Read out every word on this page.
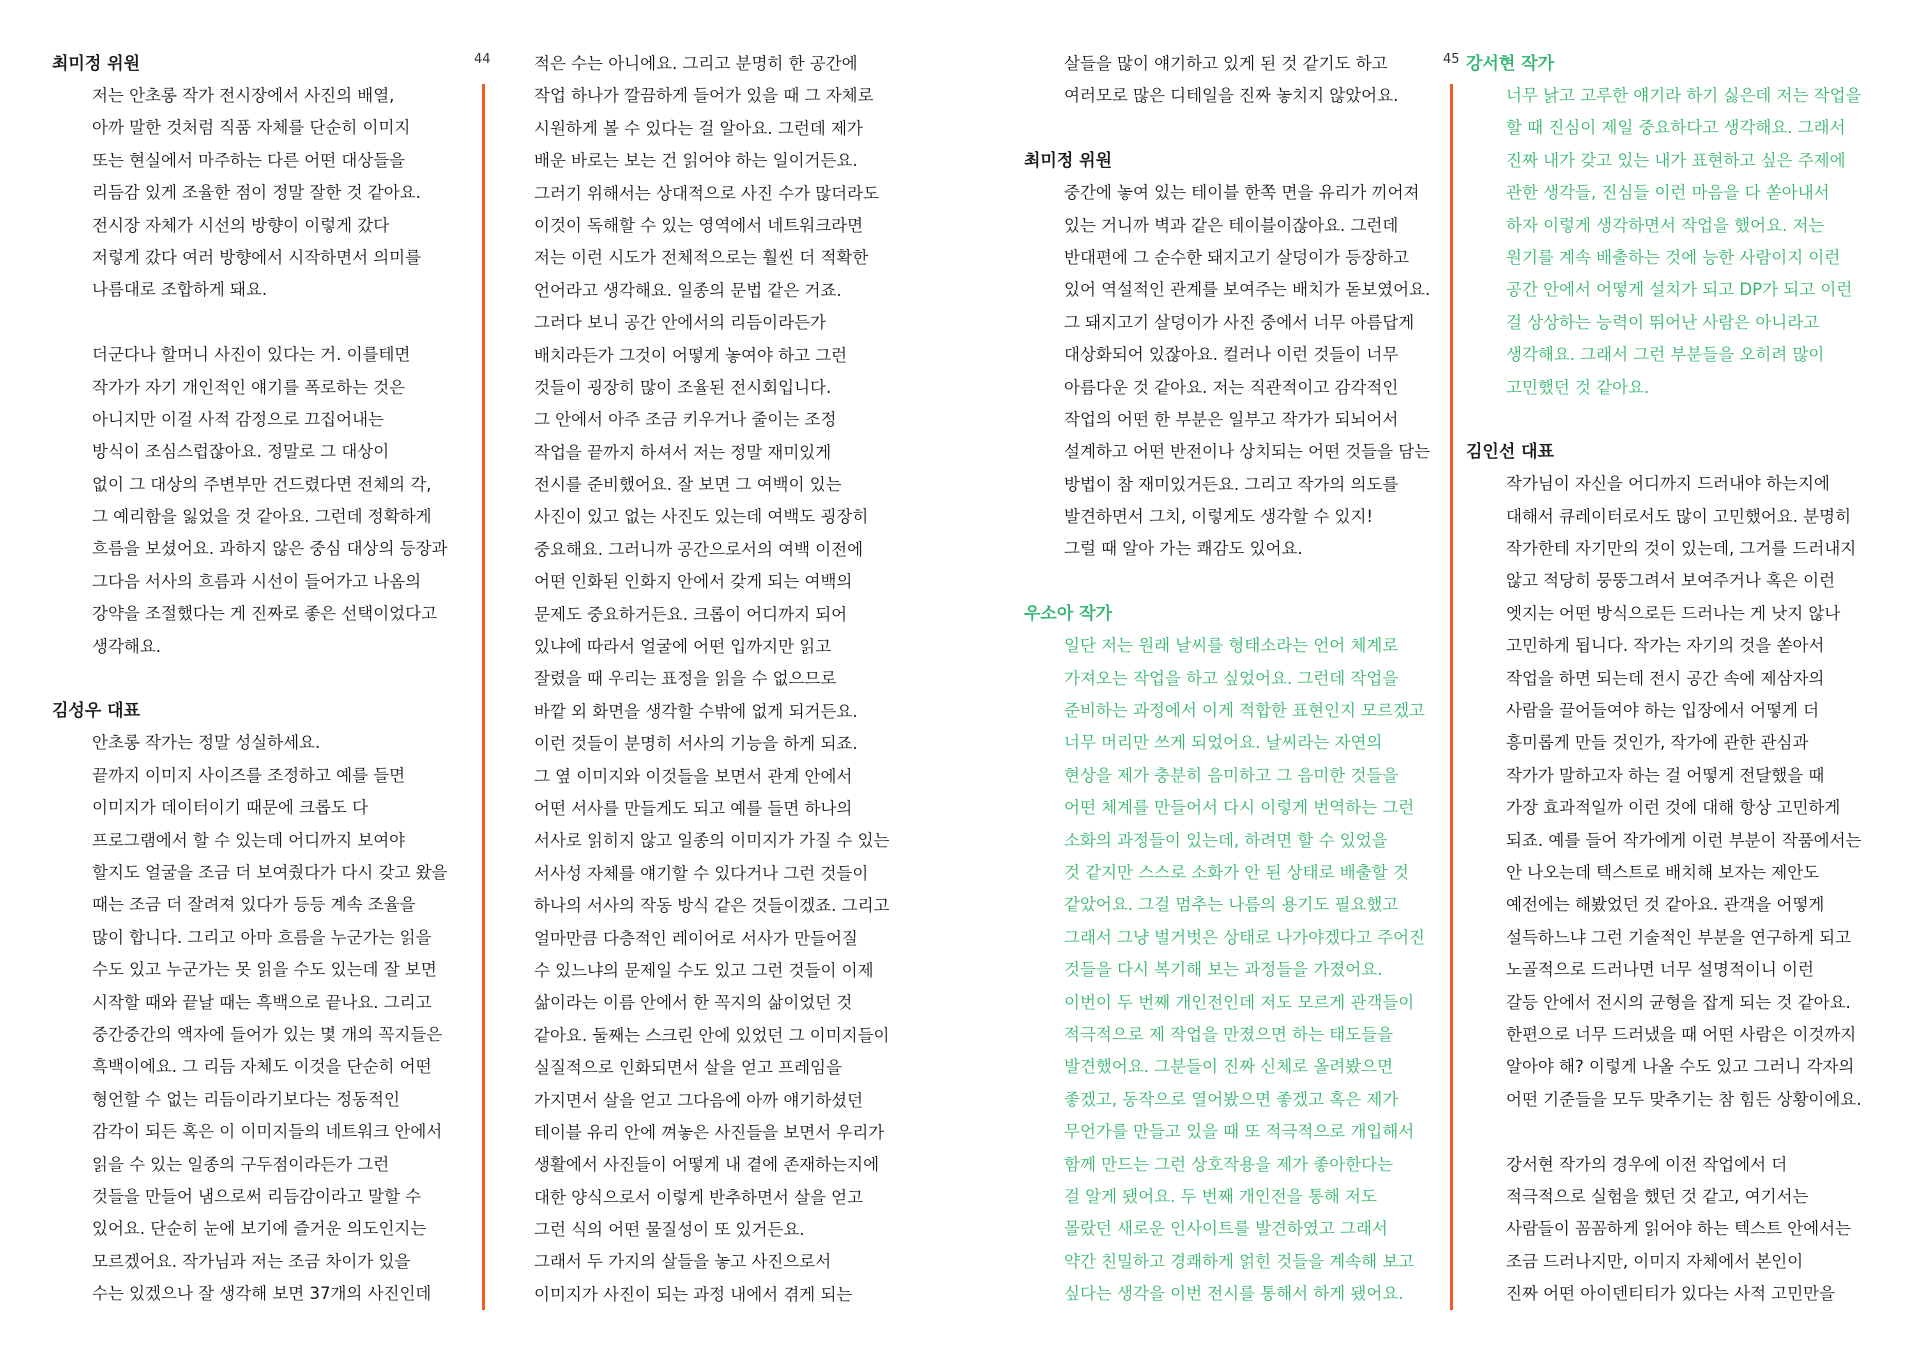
44	45
최미정 위원
저는 안초롱 작가 전시장에서 사진의 배열,
아까 말한 것처럼 직품 자체를 단순히 이미지
또는 현실에서 마주하는 다른 어떤 대상들을
리듬감 있게 조율한 점이 정말 잘한 것 같아요.
전시장 자체가 시선의 방향이 이렇게 갔다
저렇게 갔다 여러 방향에서 시작하면서 의미를
나름대로 조합하게 돼요.
더군다나 할머니 사진이 있다는 거. 이를테면
작가가 자기 개인적인 얘기를 폭로하는 것은
아니지만 이걸 사적 감정으로 끄집어내는
방식이 조심스럽잖아요. 정말로 그 대상이
없이 그 대상의 주변부만 건드렸다면 전체의 각,
그 예리함을 잃었을 것 같아요. 그런데 정확하게
흐름을 보셨어요. 과하지 않은 중심 대상의 등장과
그다음 서사의 흐름과 시선이 들어가고 나옴의
강약을 조절했다는 게 진짜로 좋은 선택이었다고
생각해요.
김성우 대표
안초롱 작가는 정말 성실하세요.
끝까지 이미지 사이즈를 조정하고 예를 들면
이미지가 데이터이기 때문에 크롭도 다
프로그램에서 할 수 있는데 어디까지 보여야
할지도 얼굴을 조금 더 보여줬다가 다시 갖고 왔을
때는 조금 더 잘려져 있다가 등등 계속 조율을
많이 합니다. 그리고 아마 흐름을 누군가는 읽을
수도 있고 누군가는 못 읽을 수도 있는데 잘 보면
시작할 때와 끝날 때는 흑백으로 끝나요. 그리고
중간중간의 액자에 들어가 있는 몇 개의 꼭지들은
흑백이에요. 그 리듬 자체도 이것을 단순히 어떤
형언할 수 없는 리듬이라기보다는 정동적인
감각이 되든 혹은 이 이미지들의 네트워크 안에서
읽을 수 있는 일종의 구두점이라든가 그런
것들을 만들어 냄으로써 리듬감이라고 말할 수
있어요. 단순히 눈에 보기에 즐거운 의도인지는
모르겠어요. 작가님과 저는 조금 차이가 있을
수는 있겠으나 잘 생각해 보면 37개의 사진인데
적은 수는 아니에요. 그리고 분명히 한 공간에
작업 하나가 깔끔하게 들어가 있을 때 그 자체로
시원하게 볼 수 있다는 걸 알아요. 그런데 제가
배운 바로는 보는 건 읽어야 하는 일이거든요.
그러기 위해서는 상대적으로 사진 수가 많더라도
이것이 독해할 수 있는 영역에서 네트워크라면
저는 이런 시도가 전체적으로는 훨씬 더 적확한
언어라고 생각해요. 일종의 문법 같은 거죠.
그러다 보니 공간 안에서의 리듬이라든가
배치라든가 그것이 어떻게 놓여야 하고 그런
것들이 굉장히 많이 조율된 전시회입니다.
그 안에서 아주 조금 키우거나 줄이는 조정
작업을 끝까지 하셔서 저는 정말 재미있게
전시를 준비했어요. 잘 보면 그 여백이 있는
사진이 있고 없는 사진도 있는데 여백도 굉장히
중요해요. 그러니까 공간으로서의 여백 이전에
어떤 인화된 인화지 안에서 갖게 되는 여백의
문제도 중요하거든요. 크롭이 어디까지 되어
있냐에 따라서 얼굴에 어떤 입까지만 읽고
잘렸을 때 우리는 표정을 읽을 수 없으므로
바깥 외 화면을 생각할 수밖에 없게 되거든요.
이런 것들이 분명히 서사의 기능을 하게 되죠.
그 옆 이미지와 이것들을 보면서 관계 안에서
어떤 서사를 만들게도 되고 예를 들면 하나의
서사로 읽히지 않고 일종의 이미지가 가질 수 있는
서사성 자체를 얘기할 수 있다거나 그런 것들이
하나의 서사의 작동 방식 같은 것들이겠죠. 그리고
얼마만큼 다층적인 레이어로 서사가 만들어질
수 있느냐의 문제일 수도 있고 그런 것들이 이제
삶이라는 이름 안에서 한 꼭지의 삶이었던 것
같아요. 둘째는 스크린 안에 있었던 그 이미지들이
실질적으로 인화되면서 살을 얻고 프레임을
가지면서 살을 얻고 그다음에 아까 얘기하셨던
테이블 유리 안에 껴놓은 사진들을 보면서 우리가
생활에서 사진들이 어떻게 내 곁에 존재하는지에
대한 양식으로서 이렇게 반추하면서 살을 얻고
그런 식의 어떤 물질성이 또 있거든요.
그래서 두 가지의 살들을 놓고 사진으로서
이미지가 사진이 되는 과정 내에서 겪게 되는
살들을 많이 얘기하고 있게 된 것 같기도 하고
여러모로 많은 디테일을 진짜 놓치지 않았어요.
최미정 위원
중간에 놓여 있는 테이블 한쪽 면을 유리가 끼어져
있는 거니까 벽과 같은 테이블이잖아요. 그런데
반대편에 그 순수한 돼지고기 살덩이가 등장하고
있어 역설적인 관계를 보여주는 배치가 돋보였어요.
그 돼지고기 살덩이가 사진 중에서 너무 아름답게
대상화되어 있잖아요. 컬러나 이런 것들이 너무
아름다운 것 같아요. 저는 직관적이고 감각적인
작업의 어떤 한 부분은 일부고 작가가 되뇌어서
설계하고 어떤 반전이나 상치되는 어떤 것들을 담는
방법이 참 재미있거든요. 그리고 작가의 의도를
발견하면서 그치, 이렇게도 생각할 수 있지!
그럴 때 알아 가는 쾌감도 있어요.
우소아 작가
일단 저는 원래 날씨를 형태소라는 언어 체계로
가져오는 작업을 하고 싶었어요. 그런데 작업을
준비하는 과정에서 이게 적합한 표현인지 모르겠고
너무 머리만 쓰게 되었어요. 날씨라는 자연의
현상을 제가 충분히 음미하고 그 음미한 것들을
어떤 체계를 만들어서 다시 이렇게 번역하는 그런
소화의 과정들이 있는데, 하려면 할 수 있었을
것 같지만 스스로 소화가 안 된 상태로 배출할 것
같았어요. 그걸 멈추는 나름의 용기도 필요했고
그래서 그냥 벌거벗은 상태로 나가야겠다고 주어진
것들을 다시 복기해 보는 과정들을 가졌어요.
이번이 두 번째 개인전인데 저도 모르게 관객들이
적극적으로 제 작업을 만졌으면 하는 태도들을
발견했어요. 그분들이 진짜 신체로 올려봤으면
좋겠고, 동작으로 열어봤으면 좋겠고 혹은 제가
무언가를 만들고 있을 때 또 적극적으로 개입해서
함께 만드는 그런 상호작용을 제가 좋아한다는
걸 알게 됐어요. 두 번째 개인전을 통해 저도
몰랐던 새로운 인사이트를 발견하였고 그래서
약간 친밀하고 경쾌하게 얽힌 것들을 계속해 보고
싶다는 생각을 이번 전시를 통해서 하게 됐어요.
강서현 작가
너무 낡고 고루한 얘기라 하기 싫은데 저는 작업을
할 때 진심이 제일 중요하다고 생각해요. 그래서
진짜 내가 갖고 있는 내가 표현하고 싶은 주제에
관한 생각들, 진심들 이런 마음을 다 쏟아내서
하자 이렇게 생각하면서 작업을 했어요. 저는
원기를 계속 배출하는 것에 능한 사람이지 이런
공간 안에서 어떻게 설치가 되고 DP가 되고 이런
걸 상상하는 능력이 뛰어난 사람은 아니라고
생각해요. 그래서 그런 부분들을 오히려 많이
고민했던 것 같아요.
김인선 대표
작가님이 자신을 어디까지 드러내야 하는지에
대해서 큐레이터로서도 많이 고민했어요. 분명히
작가한테 자기만의 것이 있는데, 그거를 드러내지
않고 적당히 뭉뚱그려서 보여주거나 혹은 이런
엣지는 어떤 방식으로든 드러나는 게 낫지 않나
고민하게 됩니다. 작가는 자기의 것을 쏟아서
작업을 하면 되는데 전시 공간 속에 제삼자의
사람을 끌어들여야 하는 입장에서 어떻게 더
흥미롭게 만들 것인가, 작가에 관한 관심과
작가가 말하고자 하는 걸 어떻게 전달했을 때
가장 효과적일까 이런 것에 대해 항상 고민하게
되죠. 예를 들어 작가에게 이런 부분이 작품에서는
안 나오는데 텍스트로 배치해 보자는 제안도
예전에는 해봤었던 것 같아요. 관객을 어떻게
설득하느냐 그런 기술적인 부분을 연구하게 되고
노골적으로 드러나면 너무 설명적이니 이런
갈등 안에서 전시의 균형을 잡게 되는 것 같아요.
한편으로 너무 드러냈을 때 어떤 사람은 이것까지
알아야 해? 이렇게 나올 수도 있고 그러니 각자의
어떤 기준들을 모두 맞추기는 참 힘든 상황이에요.
강서현 작가의 경우에 이전 작업에서 더
적극적으로 실험을 했던 것 같고, 여기서는
사람들이 꼼꼼하게 읽어야 하는 텍스트 안에서는
조금 드러나지만, 이미지 자체에서 본인이
진짜 어떤 아이덴티티가 있다는 사적 고민만을
